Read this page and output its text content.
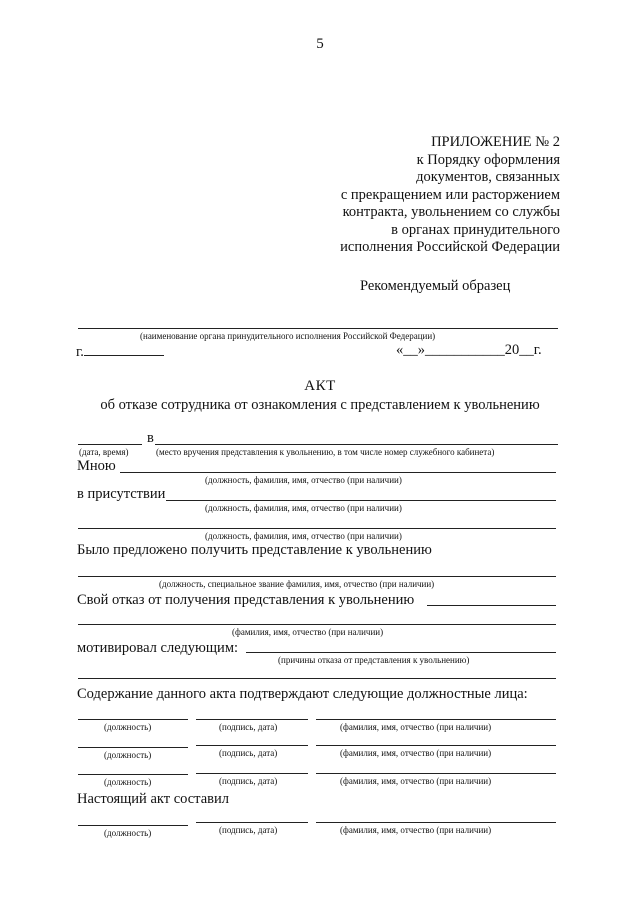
5
ПРИЛОЖЕНИЕ № 2
к Порядку оформления
документов, связанных
с прекращением или расторжением
контракта, увольнением со службы
в органах принудительного
исполнения Российской Федерации
Рекомендуемый образец
(наименование органа принудительного исполнения Российской Федерации)
г.	«__»___________20__г.
АКТ
об отказе сотрудника от ознакомления с представлением к увольнению
в
(дата, время)	(место вручения представления к увольнению, в том числе номер служебного кабинета)
Мною
(должность, фамилия, имя, отчество (при наличии)
в присутствии
(должность, фамилия, имя, отчество (при наличии)
(должность, фамилия, имя, отчество (при наличии)
Было предложено получить представление к увольнению
(должность, специальное звание фамилия, имя, отчество (при наличии)
Свой отказ от получения представления к увольнению
(фамилия, имя, отчество (при наличии)
мотивировал следующим:
(причины отказа от представления к увольнению)
Содержание данного акта подтверждают следующие должностные лица:
(должность)	(подпись, дата)	(фамилия, имя, отчество (при наличии)
(должность)	(подпись, дата)	(фамилия, имя, отчество (при наличии)
(должность)	(подпись, дата)	(фамилия, имя, отчество (при наличии)
Настоящий акт составил
(должность)	(подпись, дата)	(фамилия, имя, отчество (при наличии)
